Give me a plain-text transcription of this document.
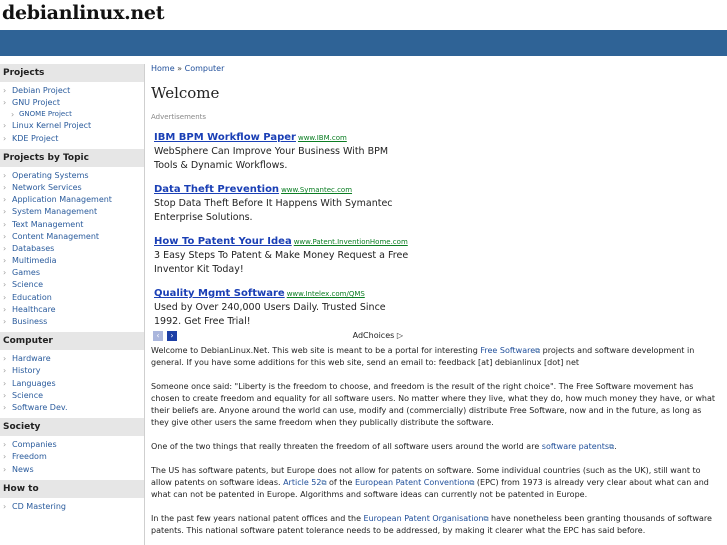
debianlinux.net
Projects
› Debian Project
› GNU Project
› GNOME Project
› Linux Kernel Project
› KDE Project
Projects by Topic
› Operating Systems
› Network Services
› Application Management
› System Management
› Text Management
› Content Management
› Databases
› Multimedia
› Games
› Science
› Education
› Healthcare
› Business
Computer
› Hardware
› History
› Languages
› Science
› Software Dev.
Society
› Companies
› Freedom
› News
How to
› CD Mastering
Home » Computer
Welcome
Advertisements
IBM BPM Workflow Paper www.IBM.com
WebSphere Can Improve Your Business With BPM Tools & Dynamic Workflows.
Data Theft Prevention www.Symantec.com
Stop Data Theft Before It Happens With Symantec Enterprise Solutions.
How To Patent Your Idea www.Patent.InventionHome.com
3 Easy Steps To Patent & Make Money Request a Free Inventor Kit Today!
Quality Mgmt Software www.Intelex.com/QMS
Used by Over 240,000 Users Daily. Trusted Since 1992. Get Free Trial!
‹	›	AdChoices ▷

Welcome to DebianLinux.Net. This web site is meant to be a portal for interesting Free Software⧉ projects and software development in general. If you have some additions for this web site, send an email to: feedback [at] debianlinux [dot] net

Someone once said: "Liberty is the freedom to choose, and freedom is the result of the right choice". The Free Software movement has chosen to create freedom and equality for all software users. No matter where they live, what they do, how much money they have, or what their beliefs are. Anyone around the world can use, modify and (commercially) distribute Free Software, now and in the future, as long as they give other users the same freedom when they publically distribute the software.

One of the two things that really threaten the freedom of all software users around the world are software patents⧉.

The US has software patents, but Europe does not allow for patents on software. Some individual countries (such as the UK), still want to allow patents on software ideas. Article 52⧉ of the European Patent Convention⧉ (EPC) from 1973 is already very clear about what can and what can not be patented in Europe. Algorithms and software ideas can currently not be patented in Europe.

In the past few years national patent offices and the European Patent Organisation⧉ have nonetheless been granting thousands of software patents. This national software patent tolerance needs to be addressed, by making it clearer what the EPC has said before.
